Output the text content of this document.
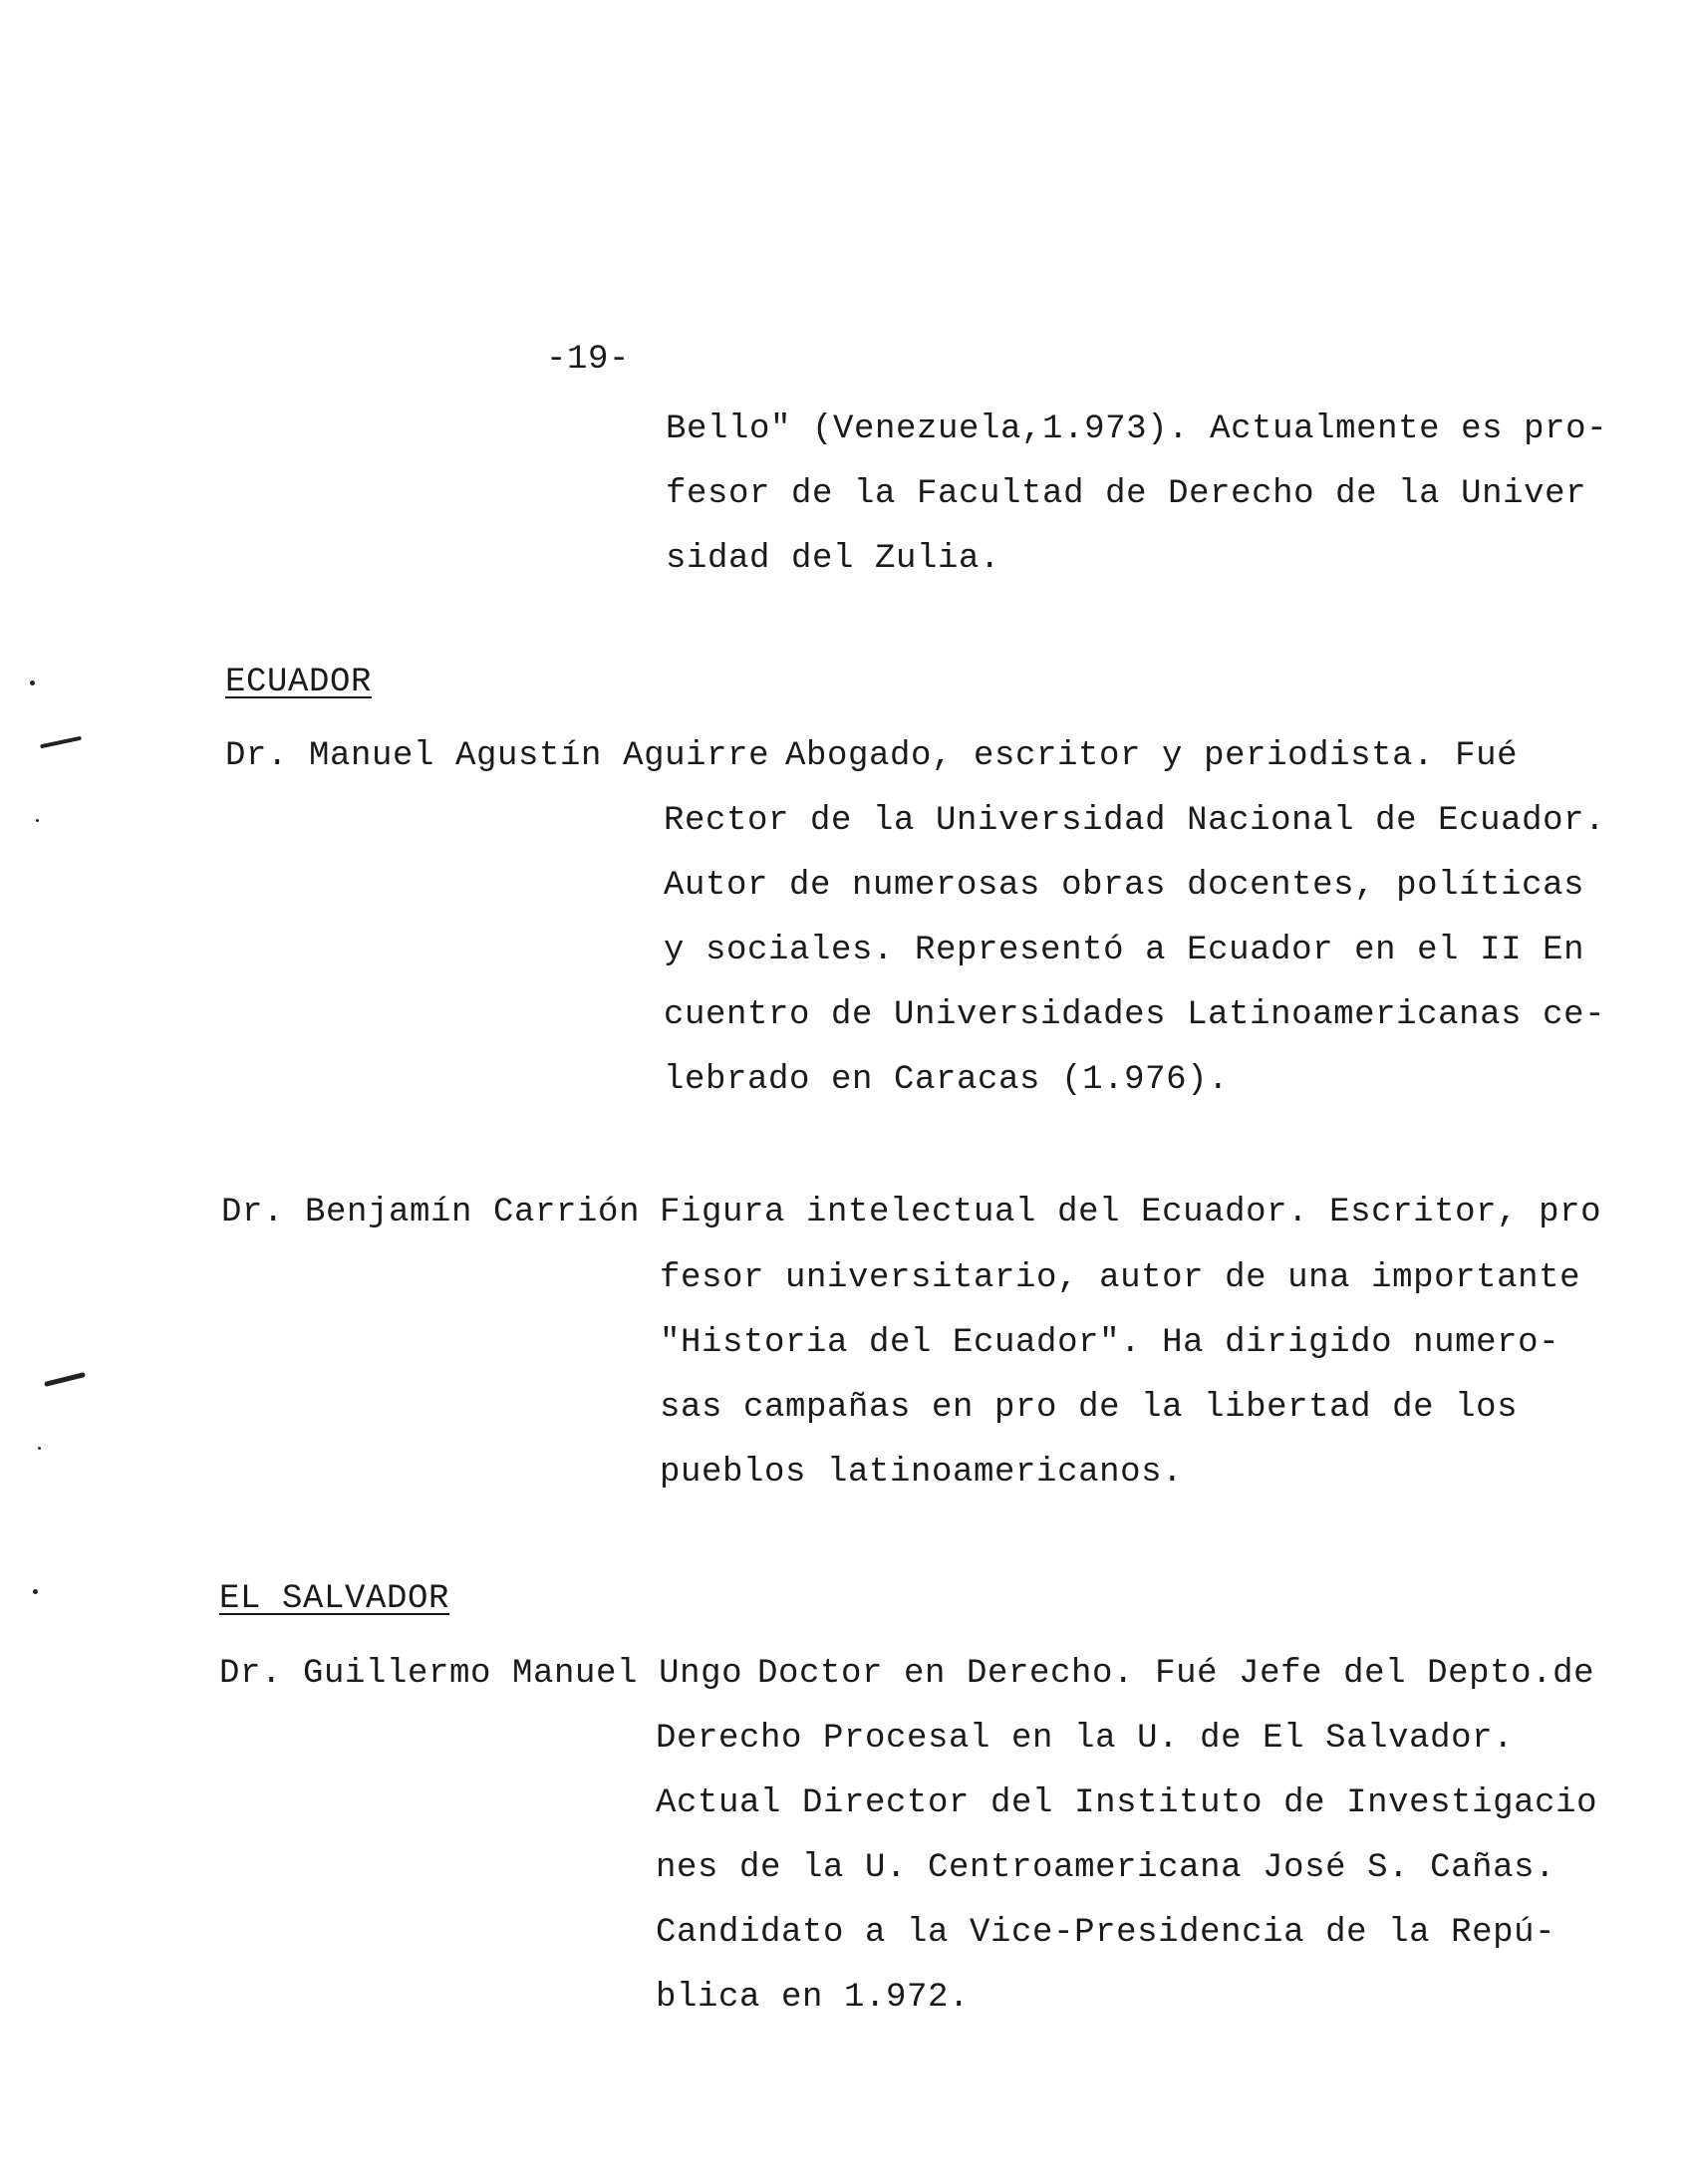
-19-
Bello" (Venezuela,1.973). Actualmente es pro-
fesor de la Facultad de Derecho de la Univer
sidad del Zulia.
ECUADOR
Dr. Manuel Agustín Aguirre Abogado, escritor y periodista. Fué
Rector de la Universidad Nacional de Ecuador.
Autor de numerosas obras docentes, políticas
y sociales. Representó a Ecuador en el II En
cuentro de Universidades Latinoamericanas ce-
lebrado en Caracas (1.976).
Dr. Benjamín Carrión Figura intelectual del Ecuador. Escritor, pro
fesor universitario, autor de una importante
"Historia del Ecuador". Ha dirigido numero-
sas campañas en pro de la libertad de los
pueblos latinoamericanos.
EL SALVADOR
Dr. Guillermo Manuel Ungo Doctor en Derecho. Fué Jefe del Depto.de
Derecho Procesal en la U. de El Salvador.
Actual Director del Instituto de Investigacio
nes de la U. Centroamericana José S. Cañas.
Candidato a la Vice-Presidencia de la Repú-
blica en 1.972.
